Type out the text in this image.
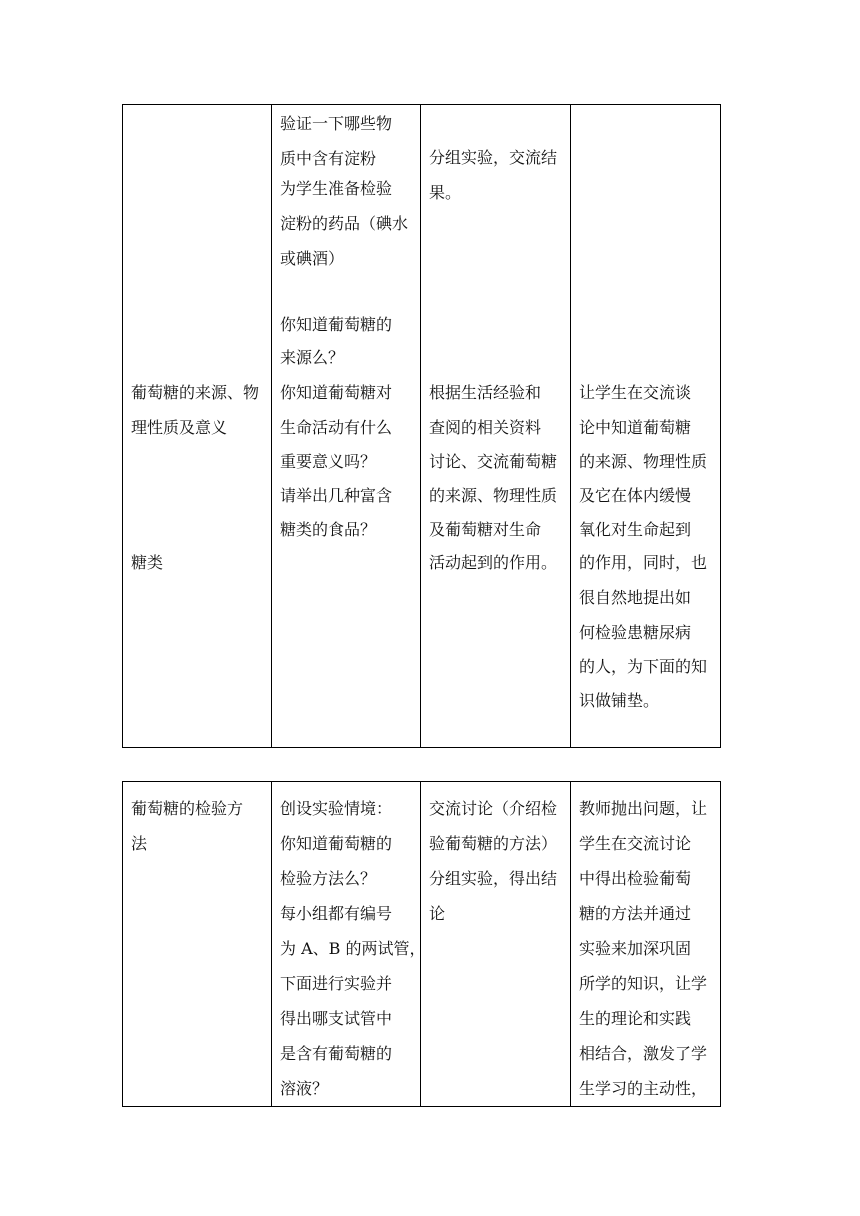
葡萄糖的来源、物
理性质及意义
糖类

验证一下哪些物
质中含有淀粉
为学生准备检验
淀粉的药品（碘水
或碘酒）
你知道葡萄糖的
来源么？
你知道葡萄糖对
生命活动有什么
重要意义吗？
请举出几种富含
糖类的食品？

分组实验，交流结
果。
根据生活经验和
查阅的相关资料
讨论、交流葡萄糖
的来源、物理性质
及葡萄糖对生命
活动起到的作用。

让学生在交流谈
论中知道葡萄糖
的来源、物理性质
及它在体内缓慢
氧化对生命起到
的作用，同时，也
很自然地提出如
何检验患糖尿病
的人，为下面的知
识做铺垫。
葡萄糖的检验方
法

创设实验情境：
你知道葡萄糖的
检验方法么？
每小组都有编号
为 A、B 的两试管，
下面进行实验并
得出哪支试管中
是含有葡萄糖的
溶液？

交流讨论（介绍检
验葡萄糖的方法）
分组实验，得出结
论

教师抛出问题，让
学生在交流讨论
中得出检验葡萄
糖的方法并通过
实验来加深巩固
所学的知识，让学
生的理论和实践
相结合，激发了学
生学习的主动性，
